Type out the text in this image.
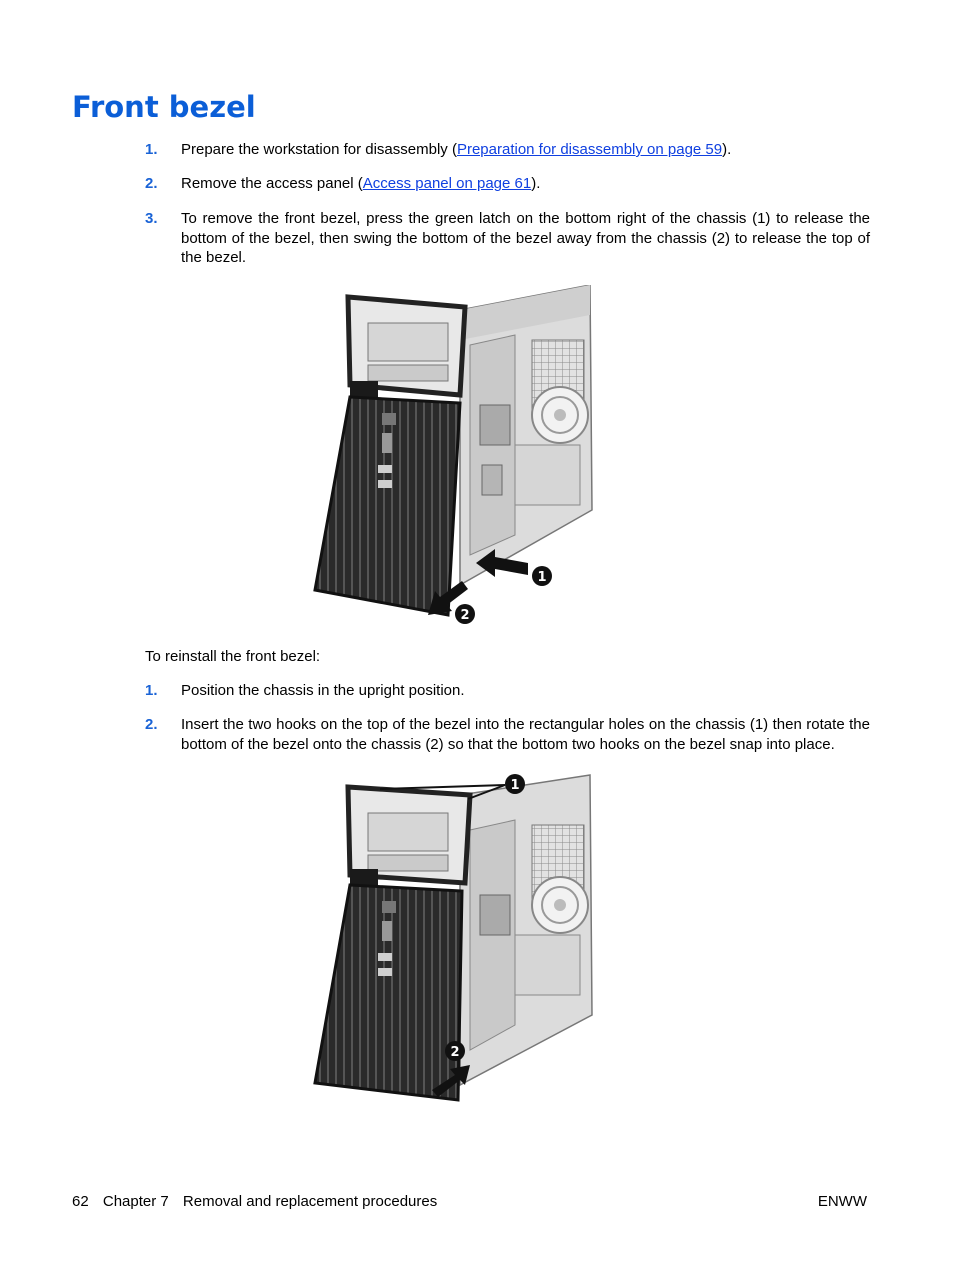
Front bezel
1.	Prepare the workstation for disassembly (Preparation for disassembly on page 59).
2.	Remove the access panel (Access panel on page 61).
3.	To remove the front bezel, press the green latch on the bottom right of the chassis (1) to release the bottom of the bezel, then swing the bottom of the bezel away from the chassis (2) to release the top of the bezel.
1
2
To reinstall the front bezel:
1.	Position the chassis in the upright position.
2.	Insert the two hooks on the top of the bezel into the rectangular holes on the chassis (1) then rotate the bottom of the bezel onto the chassis (2) so that the bottom two hooks on the bezel snap into place.
1
2
62 Chapter 7 Removal and replacement procedures	ENWW
